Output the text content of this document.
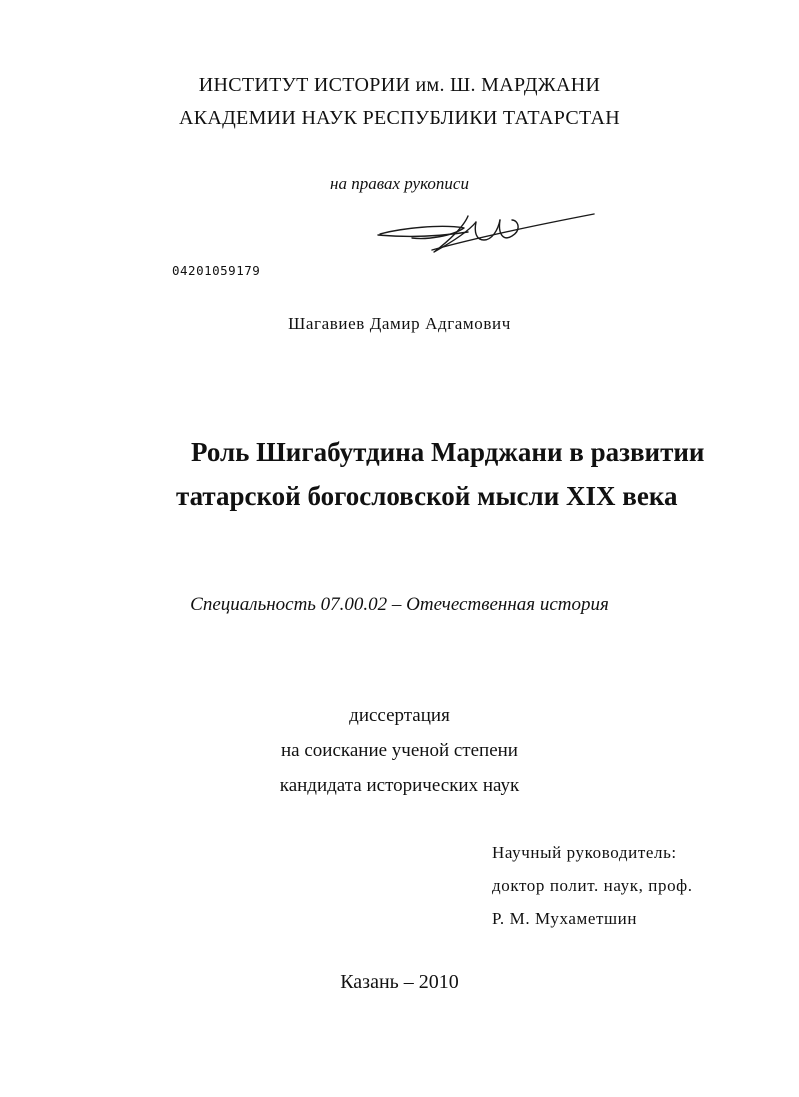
ИНСТИТУТ ИСТОРИИ им. Ш. МАРДЖАНИ
АКАДЕМИИ НАУК РЕСПУБЛИКИ ТАТАРСТАН
на правах рукописи
04201059179
Шагавиев Дамир Адгамович
Роль Шигабутдина Марджани в развитии
татарской богословской мысли XIX века
Специальность 07.00.02 – Отечественная история
диссертация
на соискание ученой степени
кандидата исторических наук
Научный руководитель:
доктор полит. наук, проф.
Р. М. Мухаметшин
Казань – 2010
